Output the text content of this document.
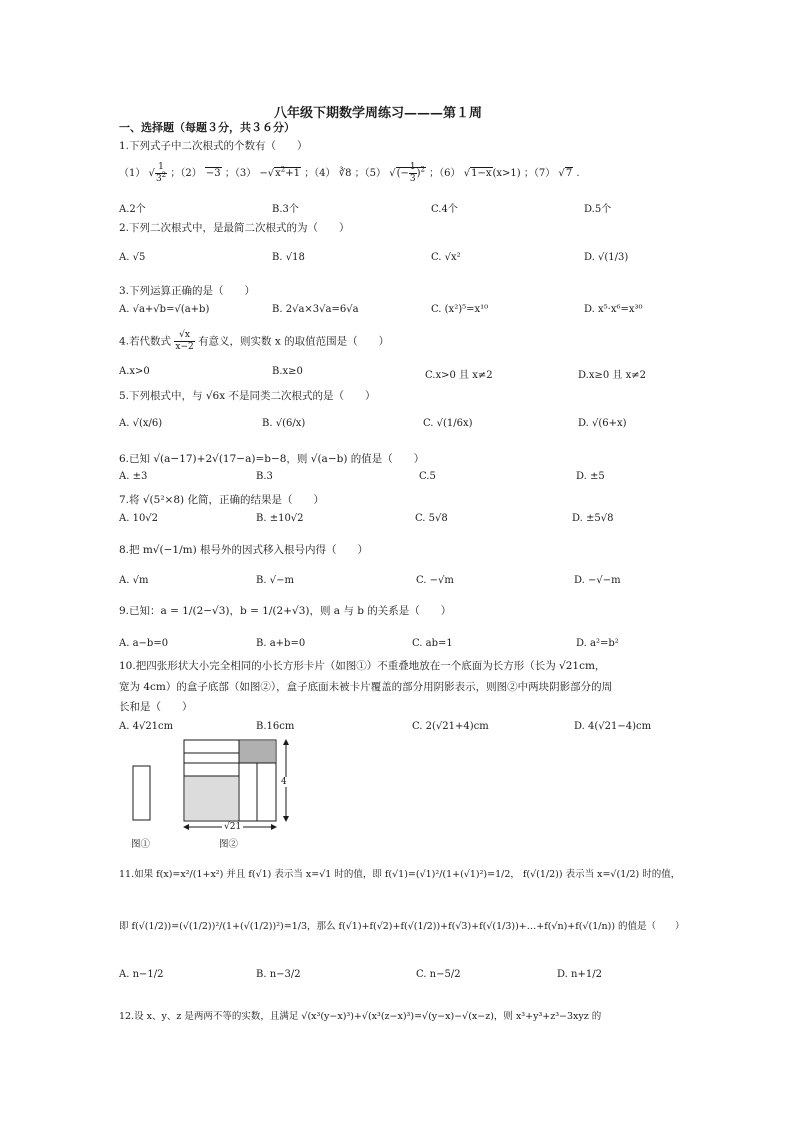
八年级下期数学周练习———第１周
一、选择题（每题３分，共３６分）
1.下列式子中二次根式的个数有（　　）
（1） √ $\frac{1}{3^2}$ ；（2） −3 ；$(3) -√x^2+1$ ；（4） ∛8 ；（5） √(− $\frac{1}{3} )^2$ ；（6） √1−x(x>1) ；（7） √7 .
A.2个	B.3个	C.4个	D.5个
2.下列二次根式中，是最简二次根式的为（　　）
A. √5	B. √18	C. √x²	D. √(1/3)
3.下列运算正确的是（　　）
A. √a+√b=√(a+b)	B. 2√a×3√a=6√a	C. (x²)⁵=x¹⁰	D. x⁵·x⁶=x³⁰
4.若代数式 $\frac{√x}{x-2}$ 有意义，则实数 x 的取值范围是（　　）
A.x>0	B.x≥0	C.x>0 且 x≠2	D.x≥0 且 x≠2
5.下列根式中，与 √6x 不是同类二次根式的是（　　）
A. √(x/6)	B. √(6/x)	C. √(1/6x)	D. √(6+x)
6.已知 √(a−17)+2√(17−a)=b−8，则 √(a−b) 的值是（　　）
A. ±3	B.3	C.5	D. ±5
7.将 √(5²×8) 化简，正确的结果是（　　）
A. 10√2	B. ±10√2	C. 5√8	D. ±5√8
8.把 m√(−1/m) 根号外的因式移入根号内得（　　）
A. √m	B. √−m	C. −√m	D. −√−m
9.已知：a = 1/(2−√3)，b = 1/(2+√3)，则 a 与 b 的关系是（　　）
A. a−b=0	B. a+b=0	C. ab=1	D. a²=b²
10.把四张形状大小完全相同的小长方形卡片（如图①）不重叠地放在一个底面为长方形（长为 √21cm，
宽为 4cm）的盒子底部（如图②），盒子底面未被卡片覆盖的部分用阴影表示，则图②中两块阴影部分的周
长和是（　　）
A. 4√21cm	B.16cm	C. 2(√21+4)cm	D. 4(√21−4)cm
4
√21
图①	图②
11.如果 f(x)=x²/(1+x²) 并且 f(√1) 表示当 x=√1 时的值，即 f(√1)=(√1)²/(1+(√1)²)=1/2， f(√(1/2)) 表示当 x=√(1/2) 时的值，
即 f(√(1/2))=(√(1/2))²/(1+(√(1/2))²)=1/3，那么 f(√1)+f(√2)+f(√(1/2))+f(√3)+f(√(1/3))+…+f(√n)+f(√(1/n)) 的值是（　　）
A. n−1/2	B. n−3/2	C. n−5/2	D. n+1/2
12.设 x、y、z 是两两不等的实数，且满足 √(x³(y−x)³)+√(x³(z−x)³)=√(y−x)−√(x−z)，则 x³+y³+z³−3xyz 的
